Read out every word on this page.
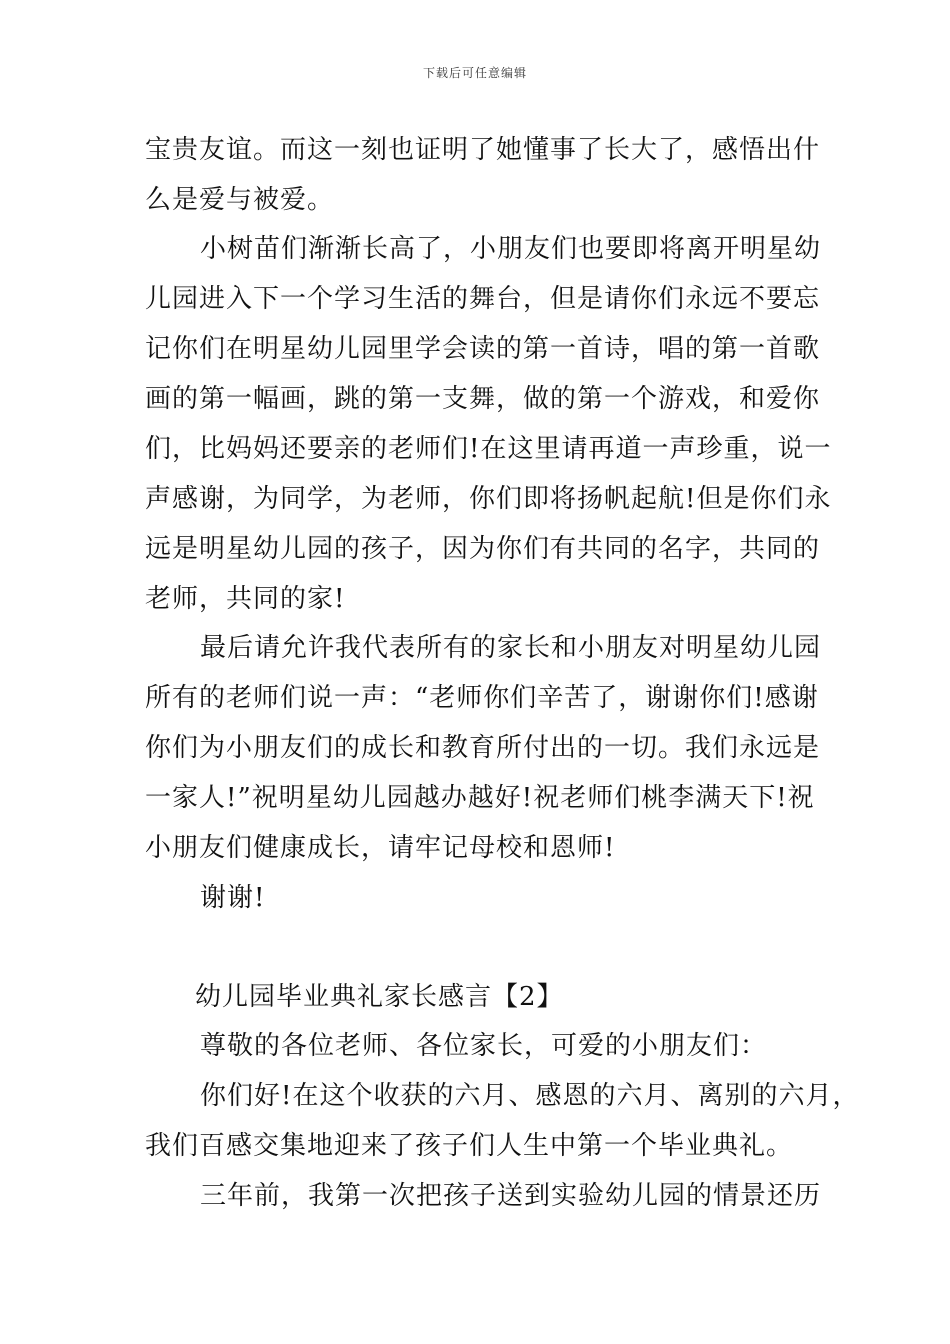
下载后可任意编辑
宝贵友谊。而这一刻也证明了她懂事了长大了，感悟出什
么是爱与被爱。
小树苗们渐渐长高了，小朋友们也要即将离开明星幼
儿园进入下一个学习生活的舞台，但是请你们永远不要忘
记你们在明星幼儿园里学会读的第一首诗，唱的第一首歌
画的第一幅画，跳的第一支舞，做的第一个游戏，和爱你
们，比妈妈还要亲的老师们!在这里请再道一声珍重，说一
声感谢，为同学，为老师，你们即将扬帆起航!但是你们永
远是明星幼儿园的孩子，因为你们有共同的名字，共同的
老师，共同的家!
最后请允许我代表所有的家长和小朋友对明星幼儿园
所有的老师们说一声：“老师你们辛苦了，谢谢你们!感谢
你们为小朋友们的成长和教育所付出的一切。我们永远是
一家人!”祝明星幼儿园越办越好!祝老师们桃李满天下!祝
小朋友们健康成长，请牢记母校和恩师!
谢谢!
幼儿园毕业典礼家长感言【2】
尊敬的各位老师、各位家长，可爱的小朋友们：
你们好!在这个收获的六月、感恩的六月、离别的六月，
我们百感交集地迎来了孩子们人生中第一个毕业典礼。
三年前，我第一次把孩子送到实验幼儿园的情景还历
